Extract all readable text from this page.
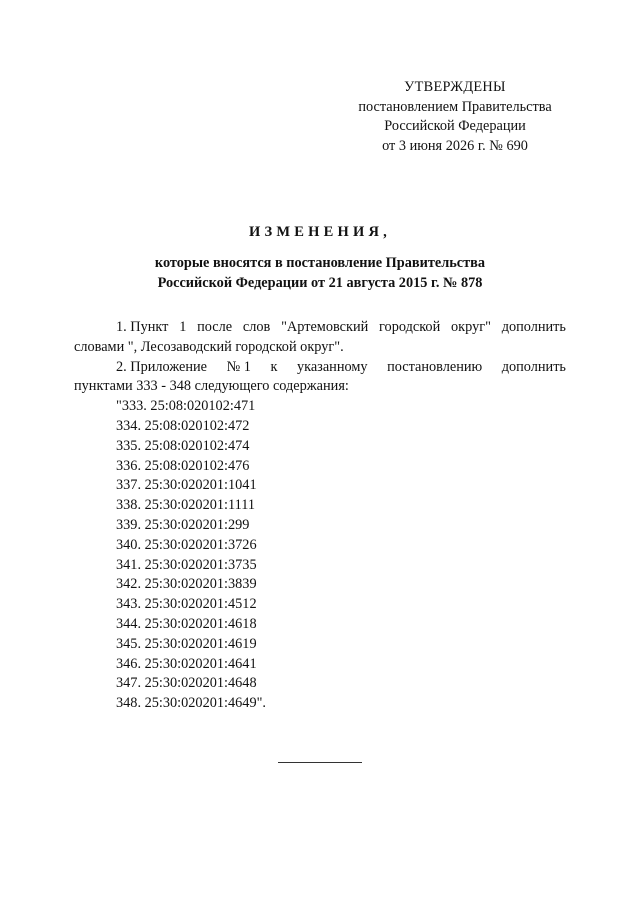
УТВЕРЖДЕНЫ
постановлением Правительства
Российской Федерации
от 3 июня 2026 г. № 690
ИЗМЕНЕНИЯ,
которые вносятся в постановление Правительства
Российской Федерации от 21 августа 2015 г. № 878
1. Пункт 1 после слов "Артемовский городской округ" дополнить
словами ", Лесозаводский городской округ".
2. Приложение № 1 к указанному постановлению дополнить
пунктами 333 - 348 следующего содержания:
"333. 25:08:020102:471
334. 25:08:020102:472
335. 25:08:020102:474
336. 25:08:020102:476
337. 25:30:020201:1041
338. 25:30:020201:1111
339. 25:30:020201:299
340. 25:30:020201:3726
341. 25:30:020201:3735
342. 25:30:020201:3839
343. 25:30:020201:4512
344. 25:30:020201:4618
345. 25:30:020201:4619
346. 25:30:020201:4641
347. 25:30:020201:4648
348. 25:30:020201:4649".
